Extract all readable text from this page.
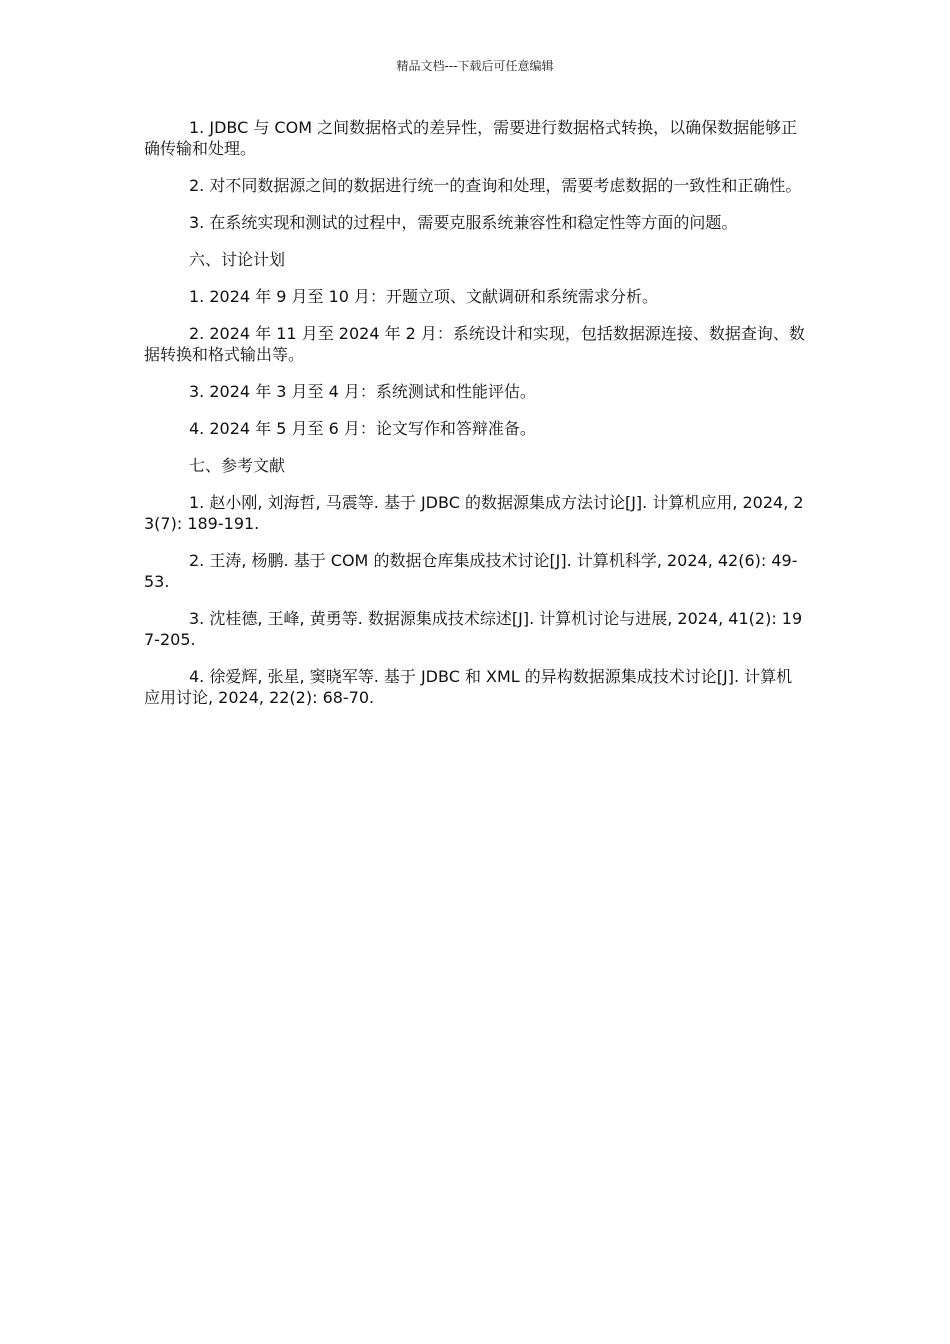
精品文档---下载后可任意编辑

1. JDBC 与 COM 之间数据格式的差异性，需要进行数据格式转换，以确保数据能够正确传输和处理。

2. 对不同数据源之间的数据进行统一的查询和处理，需要考虑数据的一致性和正确性。

3. 在系统实现和测试的过程中，需要克服系统兼容性和稳定性等方面的问题。

六、讨论计划

1. 2024 年 9 月至 10 月：开题立项、文献调研和系统需求分析。

2. 2024 年 11 月至 2024 年 2 月：系统设计和实现，包括数据源连接、数据查询、数据转换和格式输出等。

3. 2024 年 3 月至 4 月：系统测试和性能评估。

4. 2024 年 5 月至 6 月：论文写作和答辩准备。

七、参考文献

1. 赵小刚, 刘海哲, 马震等. 基于 JDBC 的数据源集成方法讨论[J]. 计算机应用, 2024, 23(7): 189-191.

2. 王涛, 杨鹏. 基于 COM 的数据仓库集成技术讨论[J]. 计算机科学, 2024, 42(6): 49-53.

3. 沈桂德, 王峰, 黄勇等. 数据源集成技术综述[J]. 计算机讨论与进展, 2024, 41(2): 197-205.

4. 徐爱辉, 张星, 窦晓军等. 基于 JDBC 和 XML 的异构数据源集成技术讨论[J]. 计算机应用讨论, 2024, 22(2): 68-70.
